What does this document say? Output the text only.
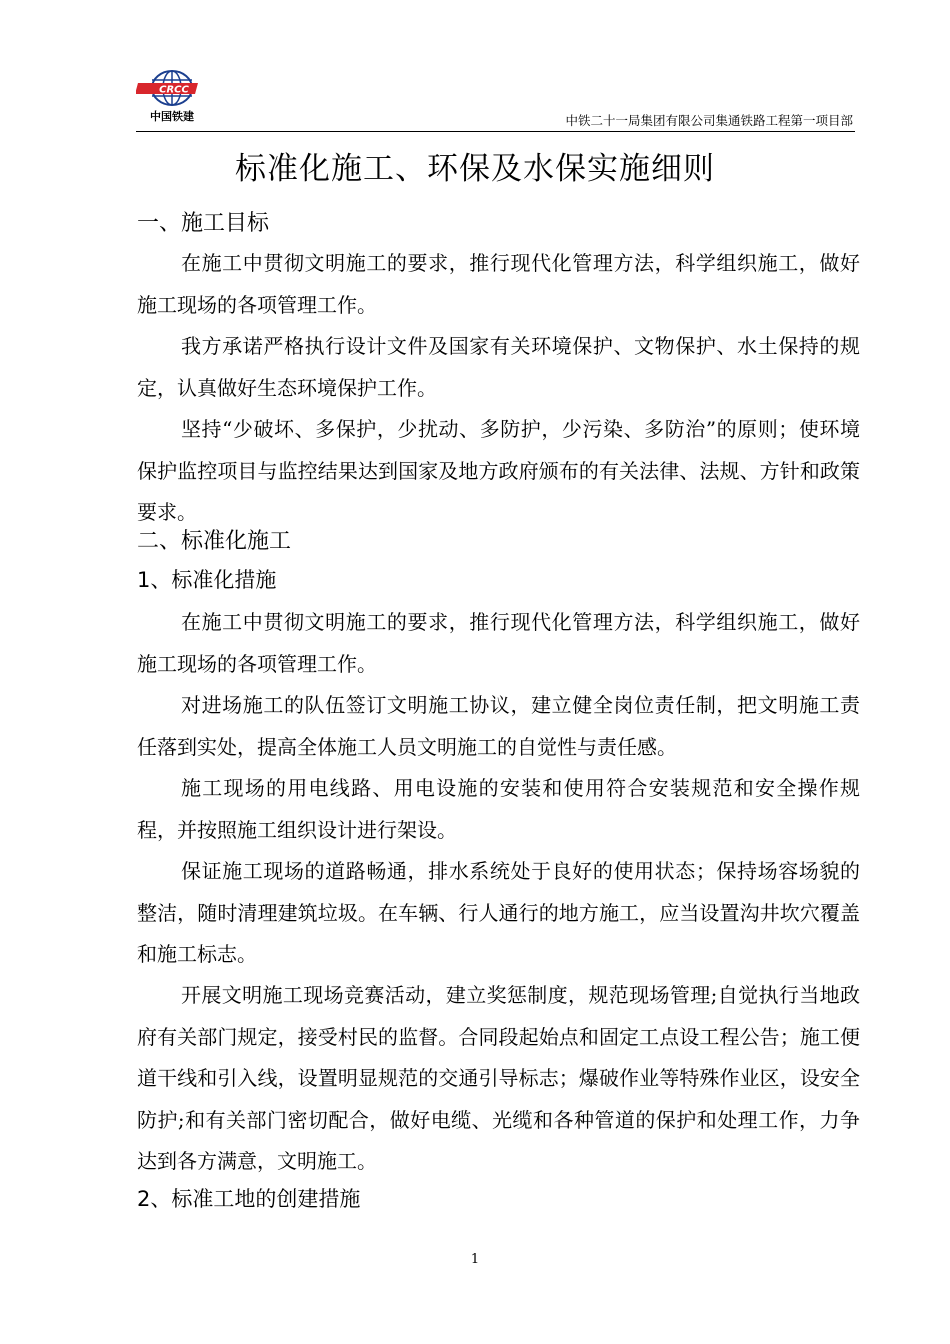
CRCC
中国铁建	中铁二十一局集团有限公司集通铁路工程第一项目部
标准化施工、环保及水保实施细则
一、施工目标
在施工中贯彻文明施工的要求，推行现代化管理方法，科学组织施工，做好施工现场的各项管理工作。
我方承诺严格执行设计文件及国家有关环境保护、文物保护、水土保持的规定，认真做好生态环境保护工作。
坚持“少破坏、多保护，少扰动、多防护，少污染、多防治”的原则；使环境保护监控项目与监控结果达到国家及地方政府颁布的有关法律、法规、方针和政策要求。
二、标准化施工
1、标准化措施
在施工中贯彻文明施工的要求，推行现代化管理方法，科学组织施工，做好施工现场的各项管理工作。
对进场施工的队伍签订文明施工协议，建立健全岗位责任制，把文明施工责任落到实处，提高全体施工人员文明施工的自觉性与责任感。
施工现场的用电线路、用电设施的安装和使用符合安装规范和安全操作规程，并按照施工组织设计进行架设。
保证施工现场的道路畅通，排水系统处于良好的使用状态；保持场容场貌的整洁，随时清理建筑垃圾。在车辆、行人通行的地方施工，应当设置沟井坎穴覆盖和施工标志。
开展文明施工现场竞赛活动，建立奖惩制度，规范现场管理;自觉执行当地政府有关部门规定，接受村民的监督。合同段起始点和固定工点设工程公告；施工便道干线和引入线，设置明显规范的交通引导标志；爆破作业等特殊作业区，设安全防护;和有关部门密切配合，做好电缆、光缆和各种管道的保护和处理工作，力争达到各方满意，文明施工。
2、标准工地的创建措施
1
